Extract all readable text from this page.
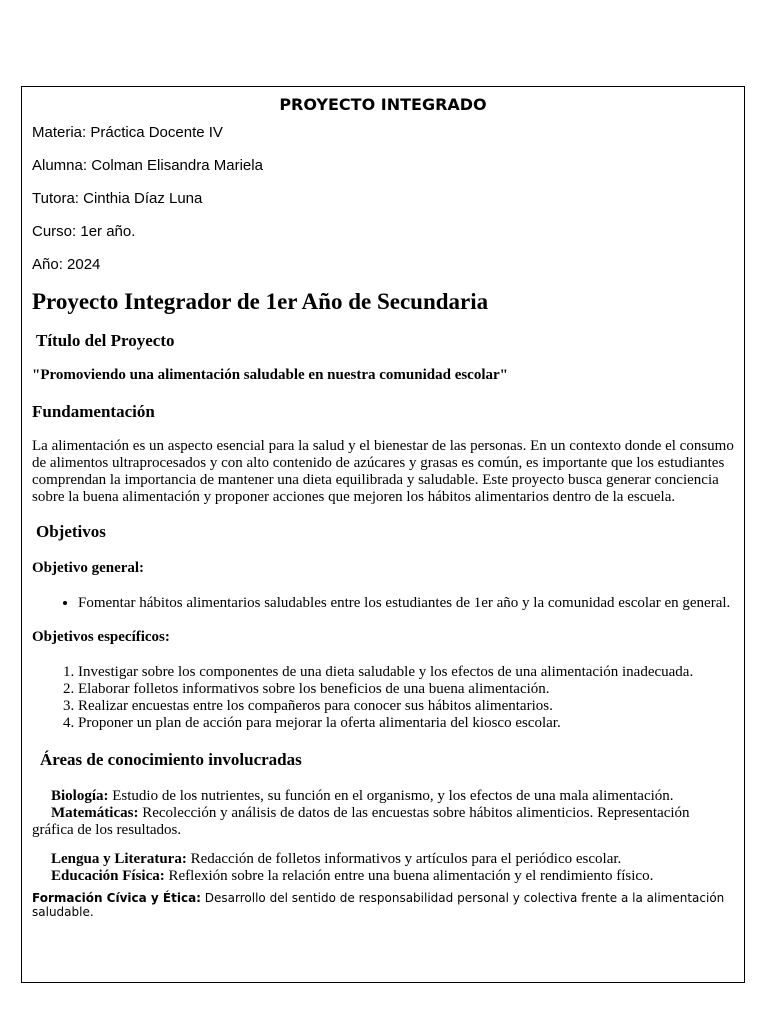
PROYECTO INTEGRADO

Materia: Práctica Docente IV

Alumna: Colman Elisandra Mariela

Tutora: Cinthia Díaz Luna

Curso: 1er año.

Año: 2024

Proyecto Integrador de 1er Año de Secundaria

Título del Proyecto

"Promoviendo una alimentación saludable en nuestra comunidad escolar"

Fundamentación

La alimentación es un aspecto esencial para la salud y el bienestar de las personas. En un contexto donde el consumo de alimentos ultraprocesados y con alto contenido de azúcares y grasas es común, es importante que los estudiantes comprendan la importancia de mantener una dieta equilibrada y saludable. Este proyecto busca generar conciencia sobre la buena alimentación y proponer acciones que mejoren los hábitos alimentarios dentro de la escuela.

Objetivos

Objetivo general:

• Fomentar hábitos alimentarios saludables entre los estudiantes de 1er año y la comunidad escolar en general.

Objetivos específicos:

1. Investigar sobre los componentes de una dieta saludable y los efectos de una alimentación inadecuada.
2. Elaborar folletos informativos sobre los beneficios de una buena alimentación.
3. Realizar encuestas entre los compañeros para conocer sus hábitos alimentarios.
4. Proponer un plan de acción para mejorar la oferta alimentaria del kiosco escolar.

Áreas de conocimiento involucradas

Biología: Estudio de los nutrientes, su función en el organismo, y los efectos de una mala alimentación.

Matemáticas: Recolección y análisis de datos de las encuestas sobre hábitos alimenticios. Representación gráfica de los resultados.

Lengua y Literatura: Redacción de folletos informativos y artículos para el periódico escolar.

Educación Física: Reflexión sobre la relación entre una buena alimentación y el rendimiento físico.

Formación Cívica y Ética: Desarrollo del sentido de responsabilidad personal y colectiva frente a la alimentación saludable.
